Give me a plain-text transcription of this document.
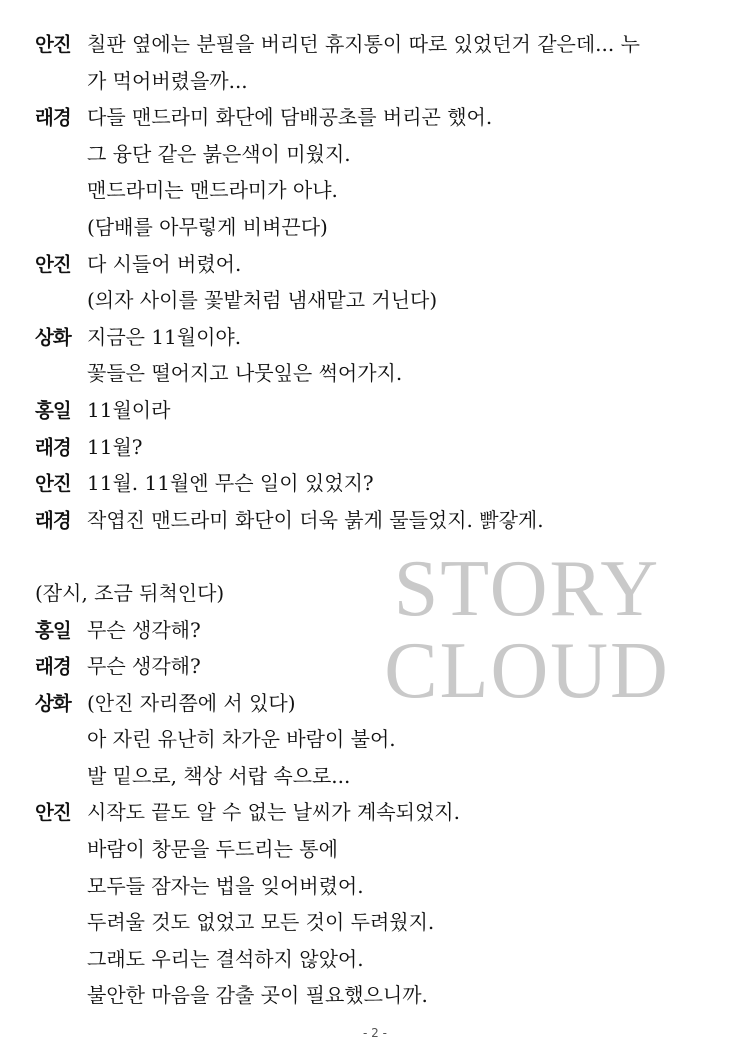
안진 칠판 옆에는 분필을 버리던 휴지통이 따로 있었던거 같은데... 누
가 먹어버렸을까...
래경 다들 맨드라미 화단에 담배공초를 버리곤 했어.
그 융단 같은 붉은색이 미웠지.
맨드라미는 맨드라미가 아냐.
(담배를 아무렇게 비벼끈다)
안진 다 시들어 버렸어.
(의자 사이를 꽃밭처럼 냄새맡고 거닌다)
상화 지금은 11월이야.
꽃들은 떨어지고 나뭇잎은 썩어가지.
홍일 11월이라
래경 11월?
안진 11월. 11월엔 무슨 일이 있었지?
래경 작엽진 맨드라미 화단이 더욱 붉게 물들었지. 빩갛게.
(잠시, 조금 뒤척인다)
홍일 무슨 생각해?
래경 무슨 생각해?
상화 (안진 자리쯤에 서 있다)
아 자린 유난히 차가운 바람이 불어.
발 밑으로, 책상 서랍 속으로...
안진 시작도 끝도 알 수 없는 날씨가 계속되었지.
바람이 창문을 두드리는 통에
모두들 잠자는 법을 잊어버렸어.
두려울 것도 없었고 모든 것이 두려웠지.
그래도 우리는 결석하지 않았어.
불안한 마음을 감출 곳이 필요했으니까.
STORY
CLOUD
- 2 -
